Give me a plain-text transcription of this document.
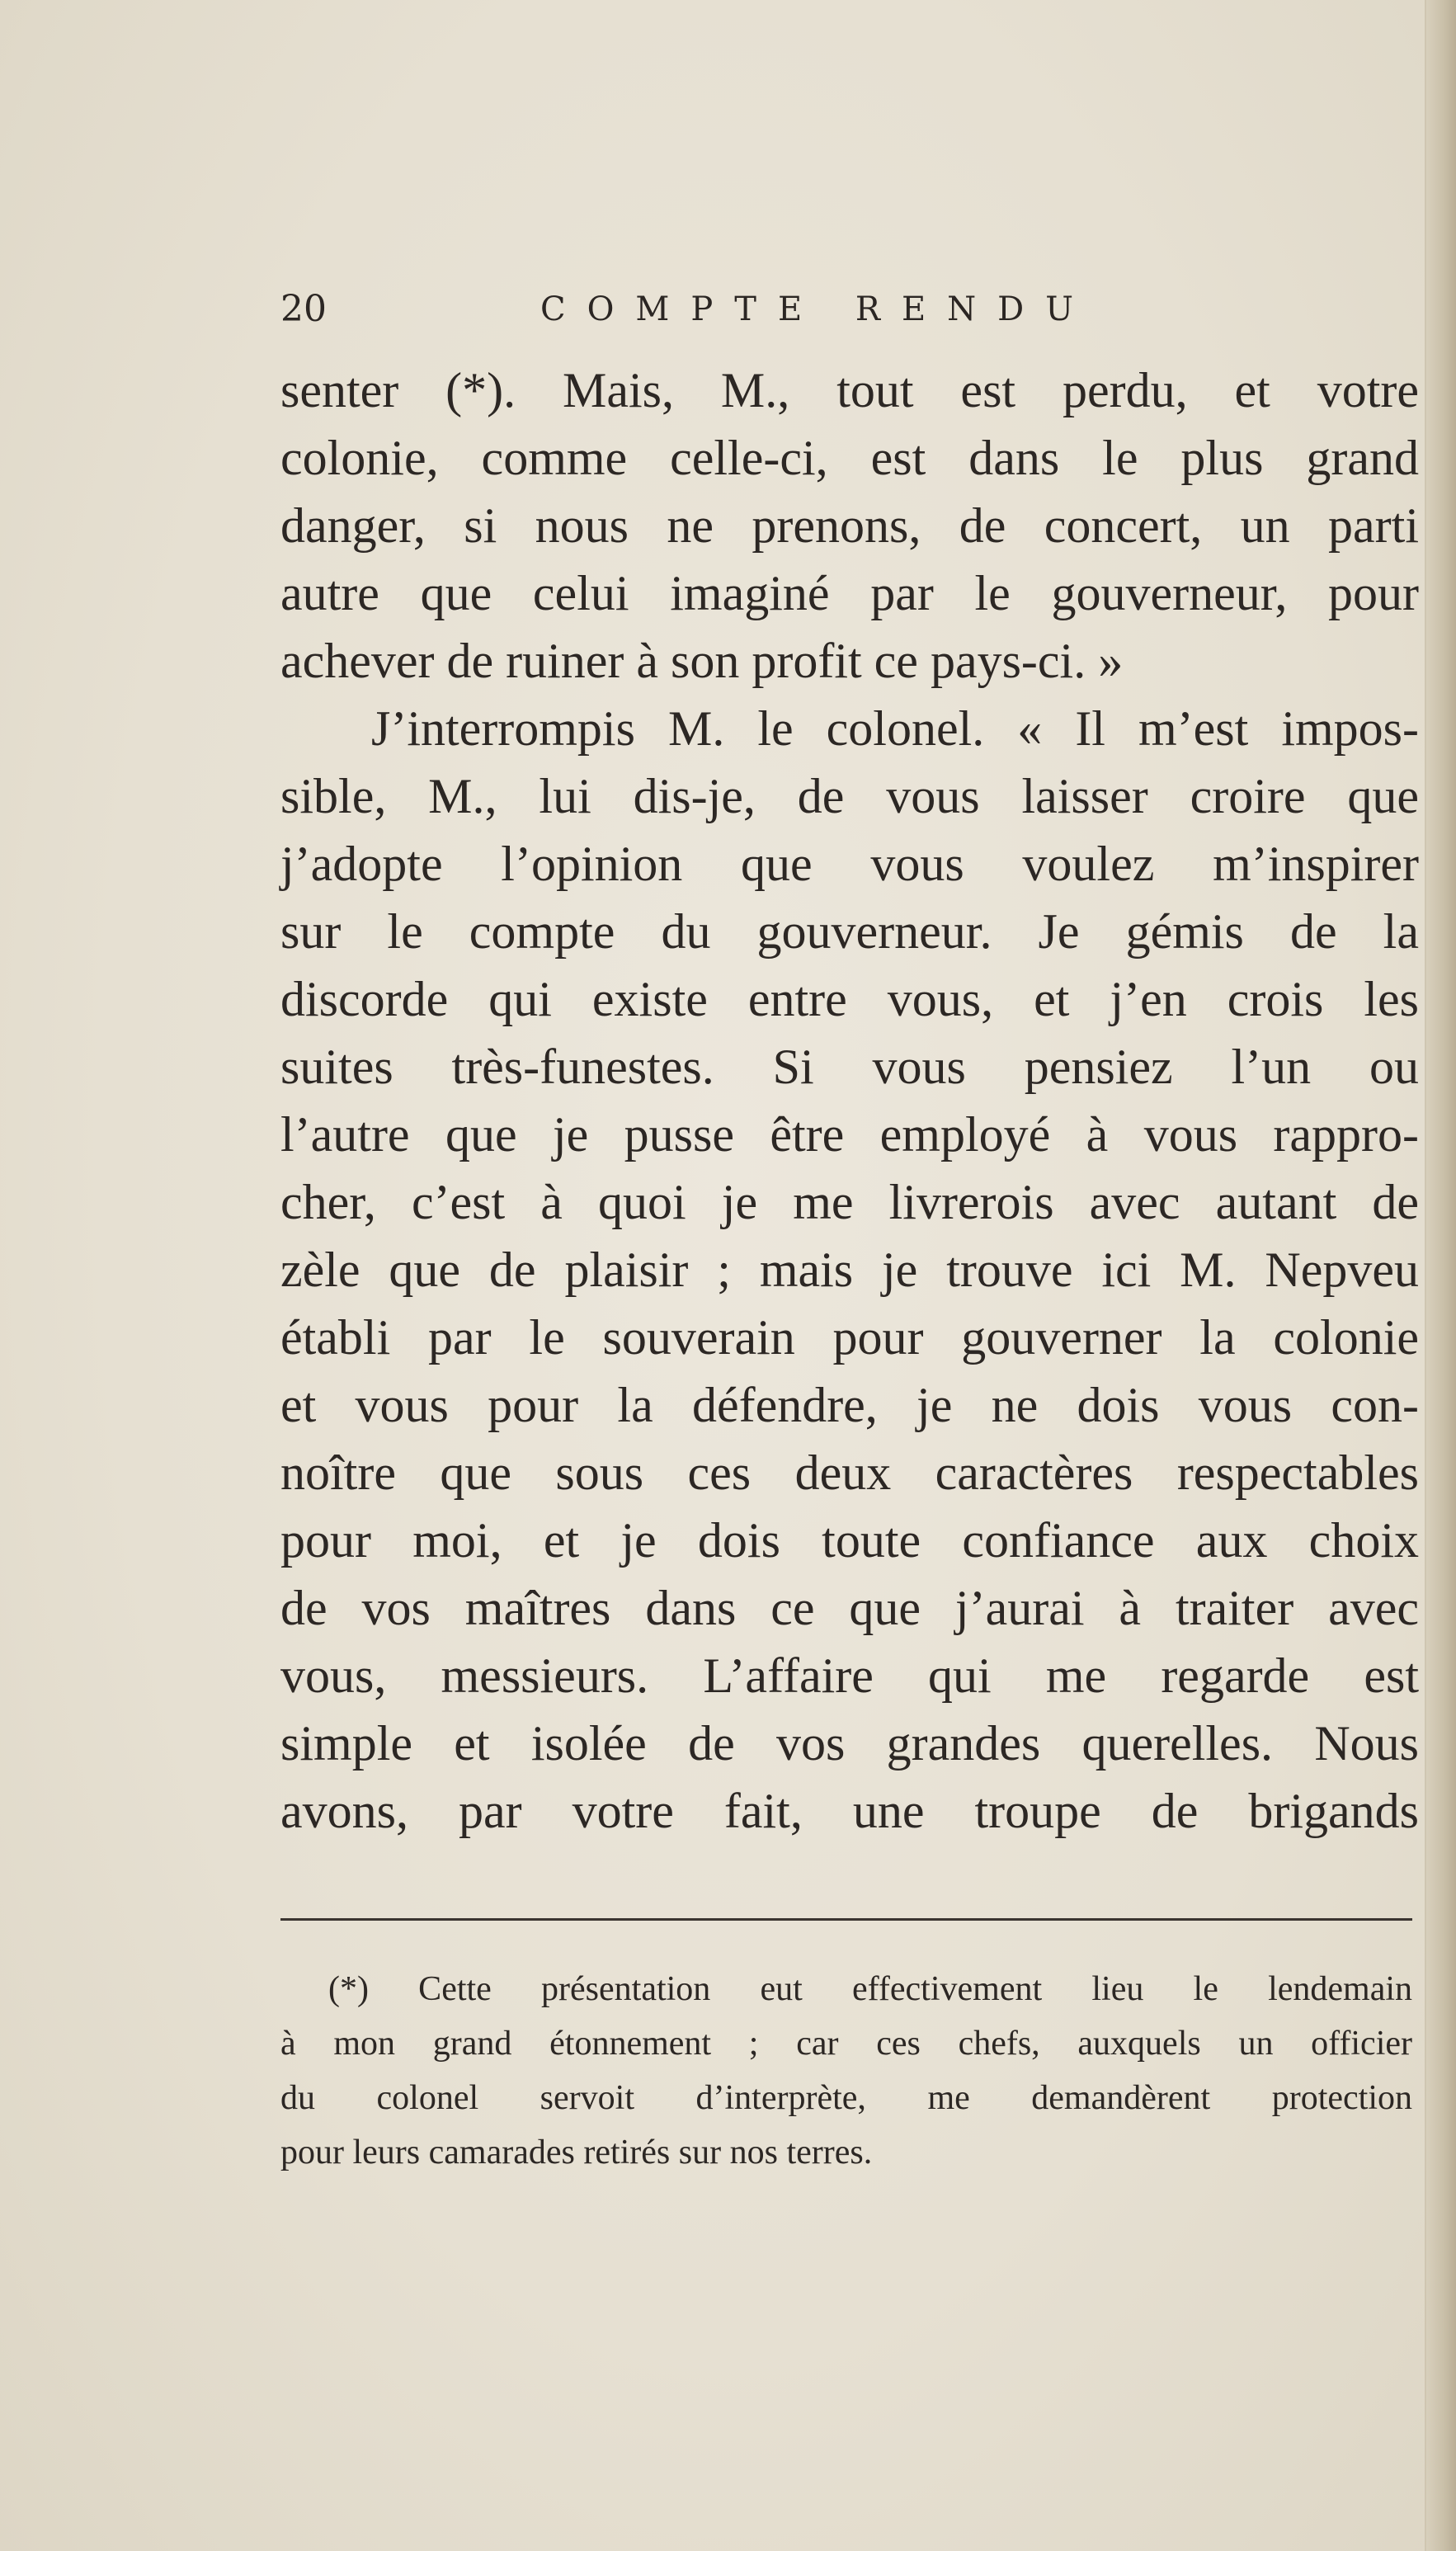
20	COMPTE RENDU
senter (*). Mais, M., tout est perdu, et votre
colonie, comme celle-ci, est dans le plus grand
danger, si nous ne prenons, de concert, un parti
autre que celui imaginé par le gouverneur, pour
achever de ruiner à son profit ce pays-ci. »
J’interrompis M. le colonel. « Il m’est impos-
sible, M., lui dis-je, de vous laisser croire que
j’adopte l’opinion que vous voulez m’inspirer
sur le compte du gouverneur. Je gémis de la
discorde qui existe entre vous, et j’en crois les
suites très-funestes. Si vous pensiez l’un ou
l’autre que je pusse être employé à vous rappro-
cher, c’est à quoi je me livrerois avec autant de
zèle que de plaisir ; mais je trouve ici M. Nepveu
établi par le souverain pour gouverner la colonie
et vous pour la défendre, je ne dois vous con-
noître que sous ces deux caractères respectables
pour moi, et je dois toute confiance aux choix
de vos maîtres dans ce que j’aurai à traiter avec
vous, messieurs. L’affaire qui me regarde est
simple et isolée de vos grandes querelles. Nous
avons, par votre fait, une troupe de brigands
(*) Cette présentation eut effectivement lieu le lendemain
à mon grand étonnement ; car ces chefs, auxquels un officier
du colonel servoit d’interprète, me demandèrent protection
pour leurs camarades retirés sur nos terres.
